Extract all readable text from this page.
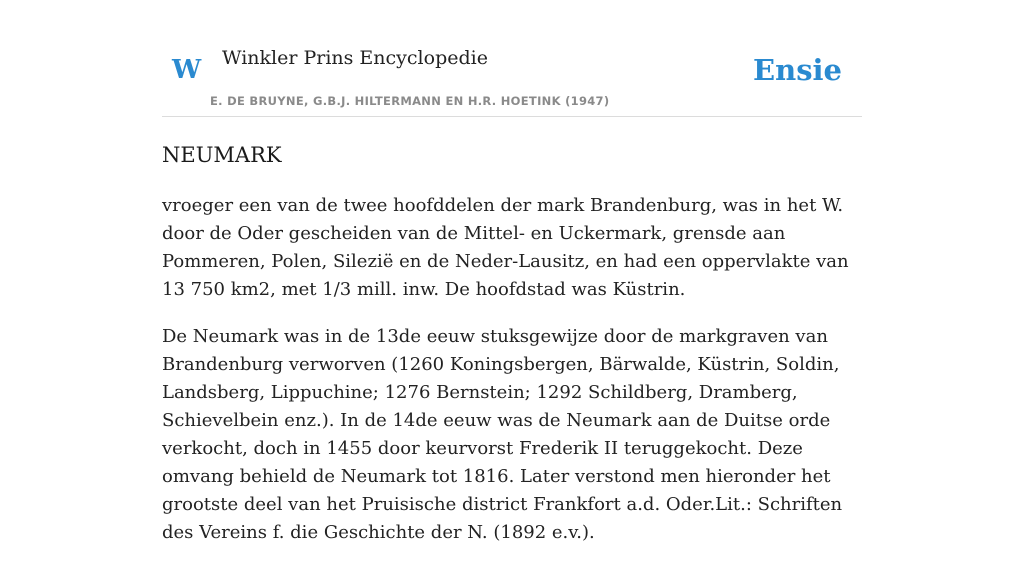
W Winkler Prins Encyclopedie
E. DE BRUYNE, G.B.J. HILTERMANN EN H.R. HOETINK (1947)
Ensie
NEUMARK

vroeger een van de twee hoofddelen der mark Brandenburg, was in het W. door de Oder gescheiden van de Mittel- en Uckermark, grensde aan Pommeren, Polen, Silezië en de Neder-Lausitz, en had een oppervlakte van 13 750 km2, met 1/3 mill. inw. De hoofdstad was Küstrin.

De Neumark was in de 13de eeuw stuksgewijze door de markgraven van Brandenburg verworven (1260 Koningsbergen, Bärwalde, Küstrin, Soldin, Landsberg, Lippuchine; 1276 Bernstein; 1292 Schildberg, Dramberg, Schievelbein enz.). In de 14de eeuw was de Neumark aan de Duitse orde verkocht, doch in 1455 door keurvorst Frederik II teruggekocht. Deze omvang behield de Neumark tot 1816. Later verstond men hieronder het grootste deel van het Pruisische district Frankfort a.d. Oder.Lit.: Schriften des Vereins f. die Geschichte der N. (1892 e.v.).
